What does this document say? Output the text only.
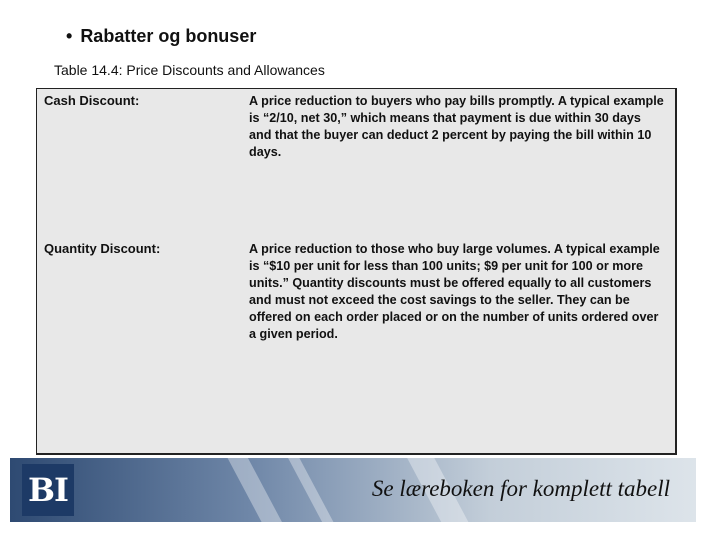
• Rabatter og bonuser
Table 14.4: Price Discounts and Allowances
Cash Discount:	A price reduction to buyers who pay bills promptly. A typical example is “2/10, net 30,” which means that payment is due within 30 days and that the buyer can deduct 2 percent by paying the bill within 10 days.
Quantity Discount:	A price reduction to those who buy large volumes. A typical example is “$10 per unit for less than 100 units; $9 per unit for 100 or more units.” Quantity discounts must be offered equally to all customers and must not exceed the cost savings to the seller. They can be offered on each order placed or on the number of units ordered over a given period.
BI	Se læreboken for komplett tabell
